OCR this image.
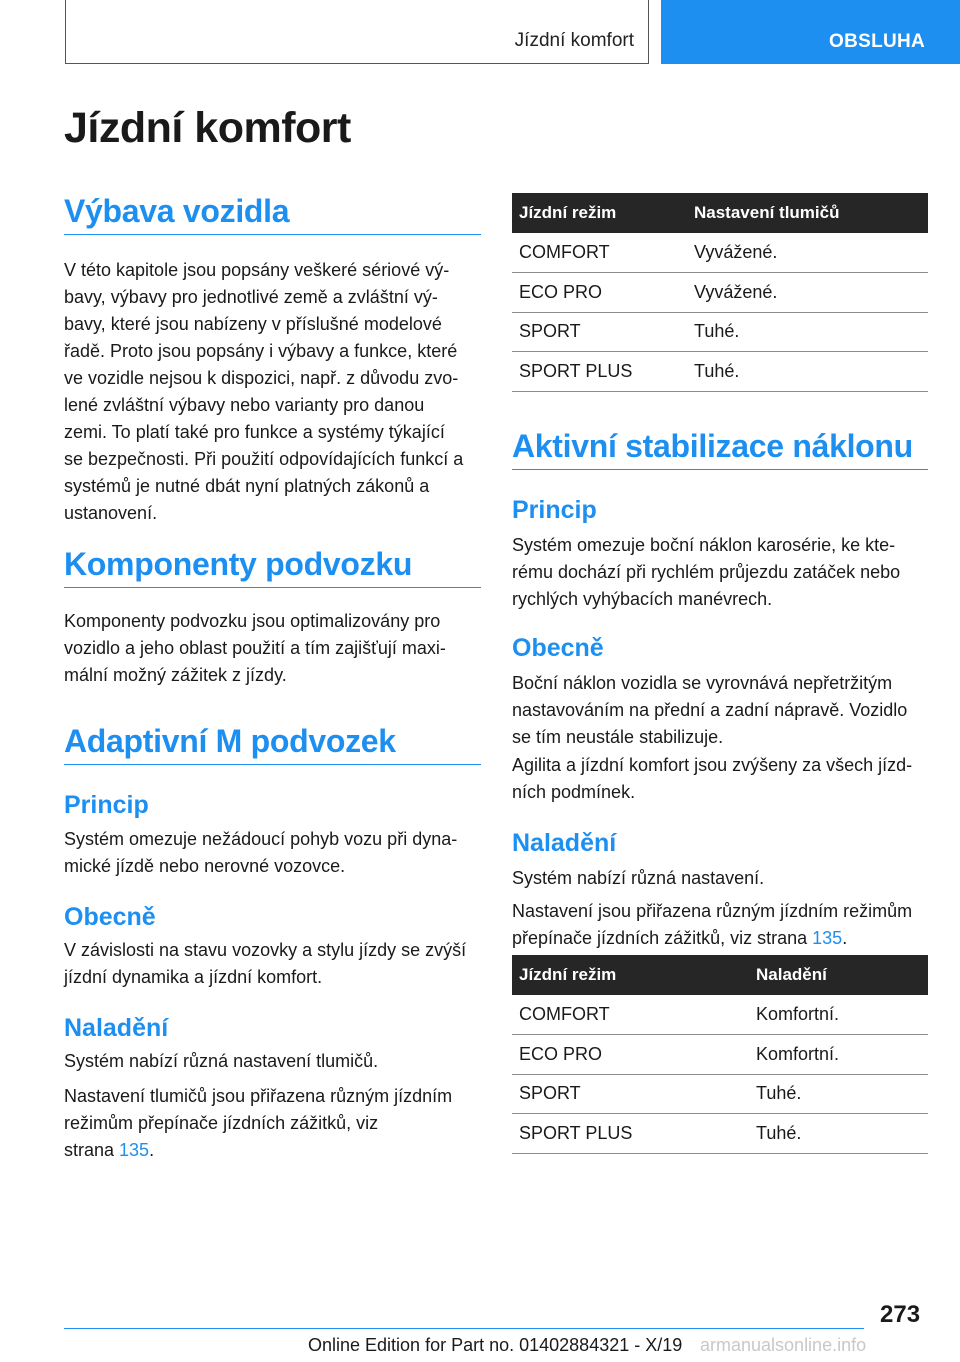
Jízdní komfort	OBSLUHA
Jízdní komfort
Výbava vozidla
V této kapitole jsou popsány veškeré sériové vý-
bavy, výbavy pro jednotlivé země a zvláštní vý-
bavy, které jsou nabízeny v příslušné modelové
řadě. Proto jsou popsány i výbavy a funkce, které
ve vozidle nejsou k dispozici, např. z důvodu zvo-
lené zvláštní výbavy nebo varianty pro danou
zemi. To platí také pro funkce a systémy týkající
se bezpečnosti. Při použití odpovídajících funkcí a
systémů je nutné dbát nyní platných zákonů a
ustanovení.
Komponenty podvozku
Komponenty podvozku jsou optimalizovány pro
vozidlo a jeho oblast použití a tím zajišťují maxi-
mální možný zážitek z jízdy.
Adaptivní M podvozek
Princip
Systém omezuje nežádoucí pohyb vozu při dyna-
mické jízdě nebo nerovné vozovce.
Obecně
V závislosti na stavu vozovky a stylu jízdy se zvýší
jízdní dynamika a jízdní komfort.
Naladění
Systém nabízí různá nastavení tlumičů.
Nastavení tlumičů jsou přiřazena různým jízdním
režimům přepínače jízdních zážitků, viz
strana 135.
Jízdní režim	Nastavení tlumičů
COMFORT	Vyvážené.
ECO PRO	Vyvážené.
SPORT	Tuhé.
SPORT PLUS	Tuhé.
Aktivní stabilizace náklonu
Princip
Systém omezuje boční náklon karosérie, ke kte-
rému dochází při rychlém průjezdu zatáček nebo
rychlých vyhýbacích manévrech.
Obecně
Boční náklon vozidla se vyrovnává nepřetržitým
nastavováním na přední a zadní nápravě. Vozidlo
se tím neustále stabilizuje.
Agilita a jízdní komfort jsou zvýšeny za všech jízd-
ních podmínek.
Naladění
Systém nabízí různá nastavení.
Nastavení jsou přiřazena různým jízdním režimům
přepínače jízdních zážitků, viz strana 135.
Jízdní režim	Naladění
COMFORT	Komfortní.
ECO PRO	Komfortní.
SPORT	Tuhé.
SPORT PLUS	Tuhé.
273
Online Edition for Part no. 01402884321 - X/19 armanualsonline.info
